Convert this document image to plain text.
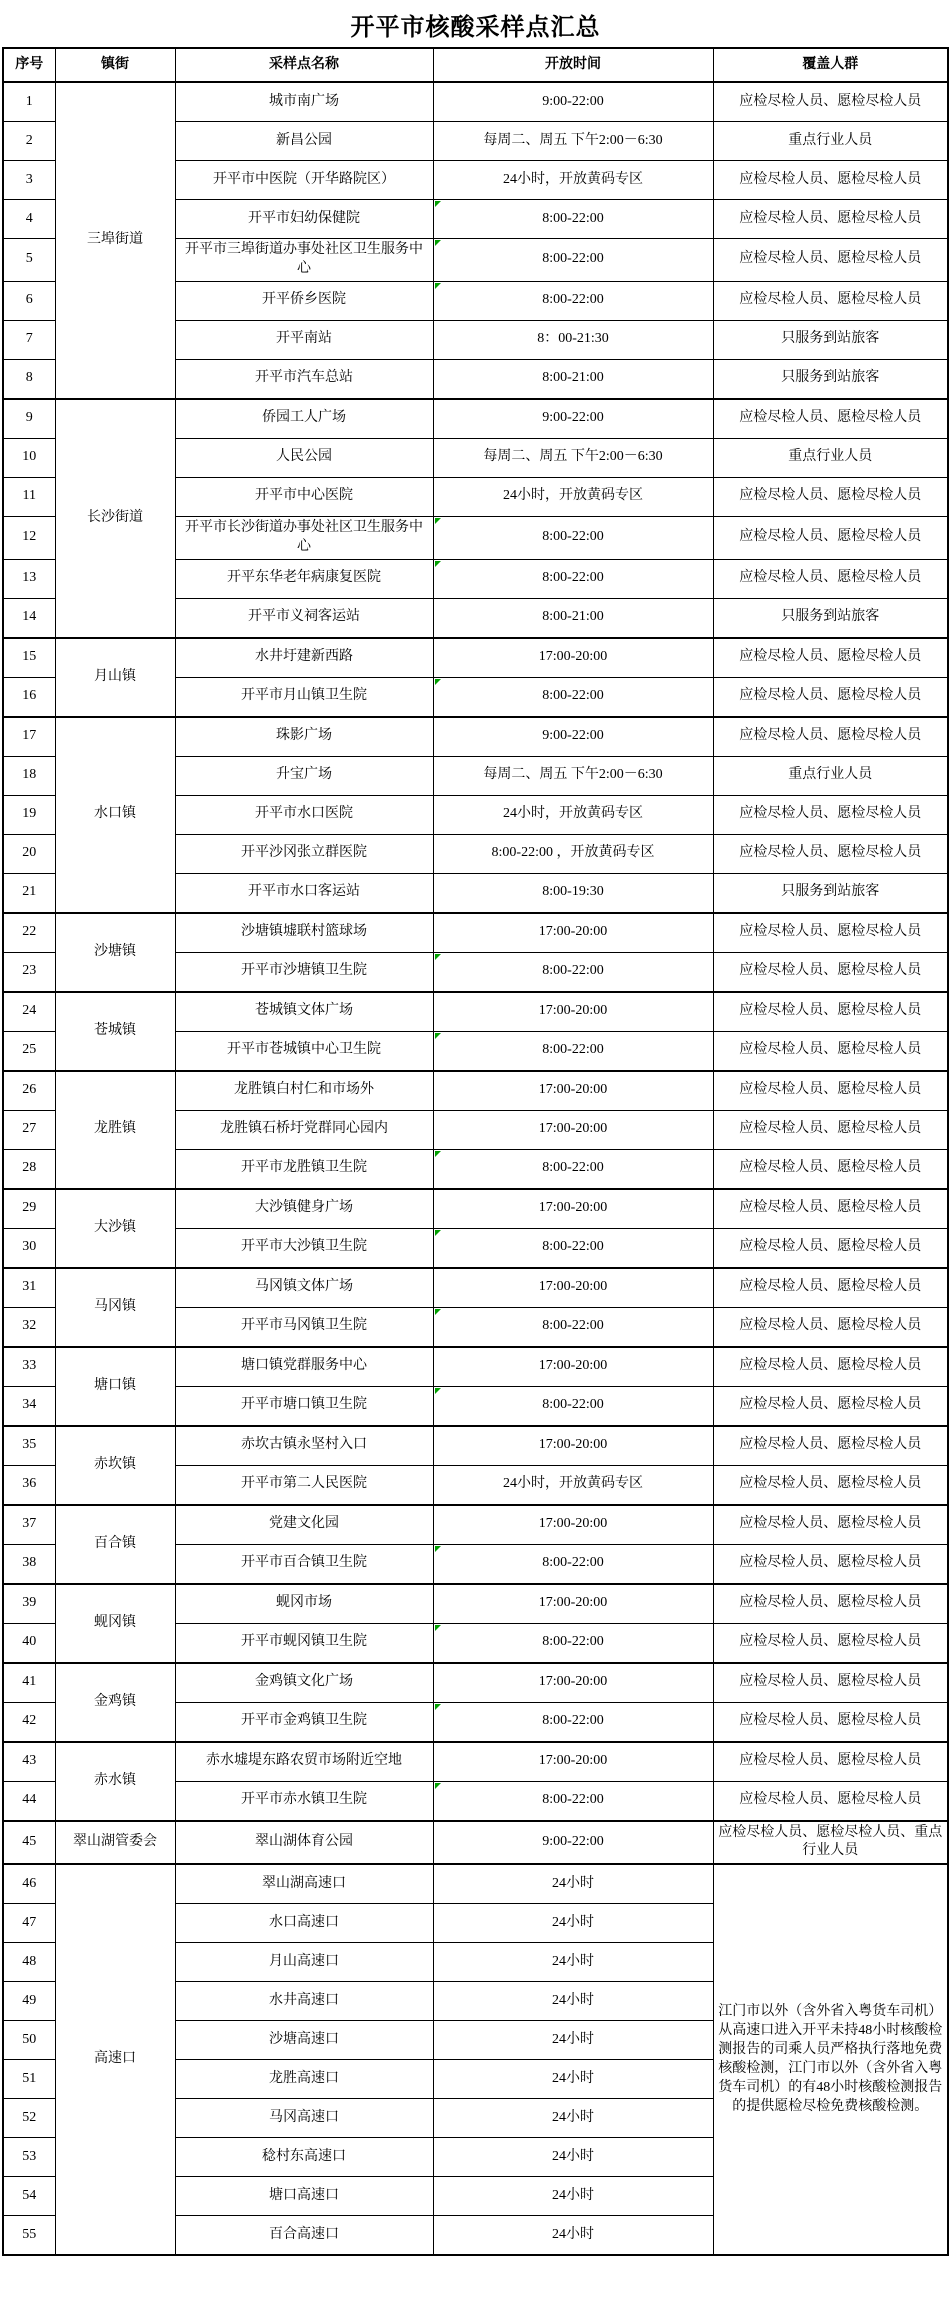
开平市核酸采样点汇总
序号	镇街	采样点名称	开放时间	覆盖人群
1	三埠街道	城市南广场	9:00-22:00	应检尽检人员、愿检尽检人员
2		新昌公园	每周二、周五 下午2:00－6:30	重点行业人员
3		开平市中医院（开华路院区）	24小时，开放黄码专区	应检尽检人员、愿检尽检人员
4		开平市妇幼保健院	8:00-22:00	应检尽检人员、愿检尽检人员
5		开平市三埠街道办事处社区卫生服务中心	8:00-22:00	应检尽检人员、愿检尽检人员
6		开平侨乡医院	8:00-22:00	应检尽检人员、愿检尽检人员
7		开平南站	8：00-21:30	只服务到站旅客
8		开平市汽车总站	8:00-21:00	只服务到站旅客
9	长沙街道	侨园工人广场	9:00-22:00	应检尽检人员、愿检尽检人员
10		人民公园	每周二、周五 下午2:00－6:30	重点行业人员
11		开平市中心医院	24小时，开放黄码专区	应检尽检人员、愿检尽检人员
12		开平市长沙街道办事处社区卫生服务中心	8:00-22:00	应检尽检人员、愿检尽检人员
13		开平东华老年病康复医院	8:00-22:00	应检尽检人员、愿检尽检人员
14		开平市义祠客运站	8:00-21:00	只服务到站旅客
15	月山镇	水井圩建新西路	17:00-20:00	应检尽检人员、愿检尽检人员
16		开平市月山镇卫生院	8:00-22:00	应检尽检人员、愿检尽检人员
17	水口镇	珠影广场	9:00-22:00	应检尽检人员、愿检尽检人员
18		升宝广场	每周二、周五 下午2:00－6:30	重点行业人员
19		开平市水口医院	24小时，开放黄码专区	应检尽检人员、愿检尽检人员
20		开平沙冈张立群医院	8:00-22:00 ，开放黄码专区	应检尽检人员、愿检尽检人员
21		开平市水口客运站	8:00-19:30	只服务到站旅客
22	沙塘镇	沙塘镇墟联村篮球场	17:00-20:00	应检尽检人员、愿检尽检人员
23		开平市沙塘镇卫生院	8:00-22:00	应检尽检人员、愿检尽检人员
24	苍城镇	苍城镇文体广场	17:00-20:00	应检尽检人员、愿检尽检人员
25		开平市苍城镇中心卫生院	8:00-22:00	应检尽检人员、愿检尽检人员
26	龙胜镇	龙胜镇白村仁和市场外	17:00-20:00	应检尽检人员、愿检尽检人员
27		龙胜镇石桥圩党群同心园内	17:00-20:00	应检尽检人员、愿检尽检人员
28		开平市龙胜镇卫生院	8:00-22:00	应检尽检人员、愿检尽检人员
29	大沙镇	大沙镇健身广场	17:00-20:00	应检尽检人员、愿检尽检人员
30		开平市大沙镇卫生院	8:00-22:00	应检尽检人员、愿检尽检人员
31	马冈镇	马冈镇文体广场	17:00-20:00	应检尽检人员、愿检尽检人员
32		开平市马冈镇卫生院	8:00-22:00	应检尽检人员、愿检尽检人员
33	塘口镇	塘口镇党群服务中心	17:00-20:00	应检尽检人员、愿检尽检人员
34		开平市塘口镇卫生院	8:00-22:00	应检尽检人员、愿检尽检人员
35	赤坎镇	赤坎古镇永坚村入口	17:00-20:00	应检尽检人员、愿检尽检人员
36		开平市第二人民医院	24小时，开放黄码专区	应检尽检人员、愿检尽检人员
37	百合镇	党建文化园	17:00-20:00	应检尽检人员、愿检尽检人员
38		开平市百合镇卫生院	8:00-22:00	应检尽检人员、愿检尽检人员
39	蚬冈镇	蚬冈市场	17:00-20:00	应检尽检人员、愿检尽检人员
40		开平市蚬冈镇卫生院	8:00-22:00	应检尽检人员、愿检尽检人员
41	金鸡镇	金鸡镇文化广场	17:00-20:00	应检尽检人员、愿检尽检人员
42		开平市金鸡镇卫生院	8:00-22:00	应检尽检人员、愿检尽检人员
43	赤水镇	赤水墟堤东路农贸市场附近空地	17:00-20:00	应检尽检人员、愿检尽检人员
44		开平市赤水镇卫生院	8:00-22:00	应检尽检人员、愿检尽检人员
45	翠山湖管委会	翠山湖体育公园	9:00-22:00	应检尽检人员、愿检尽检人员、重点行业人员
46	高速口	翠山湖高速口	24小时	江门市以外（含外省入粤货车司机）从高速口进入开平未持48小时核酸检测报告的司乘人员严格执行落地免费核酸检测，江门市以外（含外省入粤货车司机）的有48小时核酸检测报告的提供愿检尽检免费核酸检测。
47		水口高速口	24小时	
48		月山高速口	24小时	
49		水井高速口	24小时	
50		沙塘高速口	24小时	
51		龙胜高速口	24小时	
52		马冈高速口	24小时	
53		稔村东高速口	24小时	
54		塘口高速口	24小时	
55		百合高速口	24小时	
